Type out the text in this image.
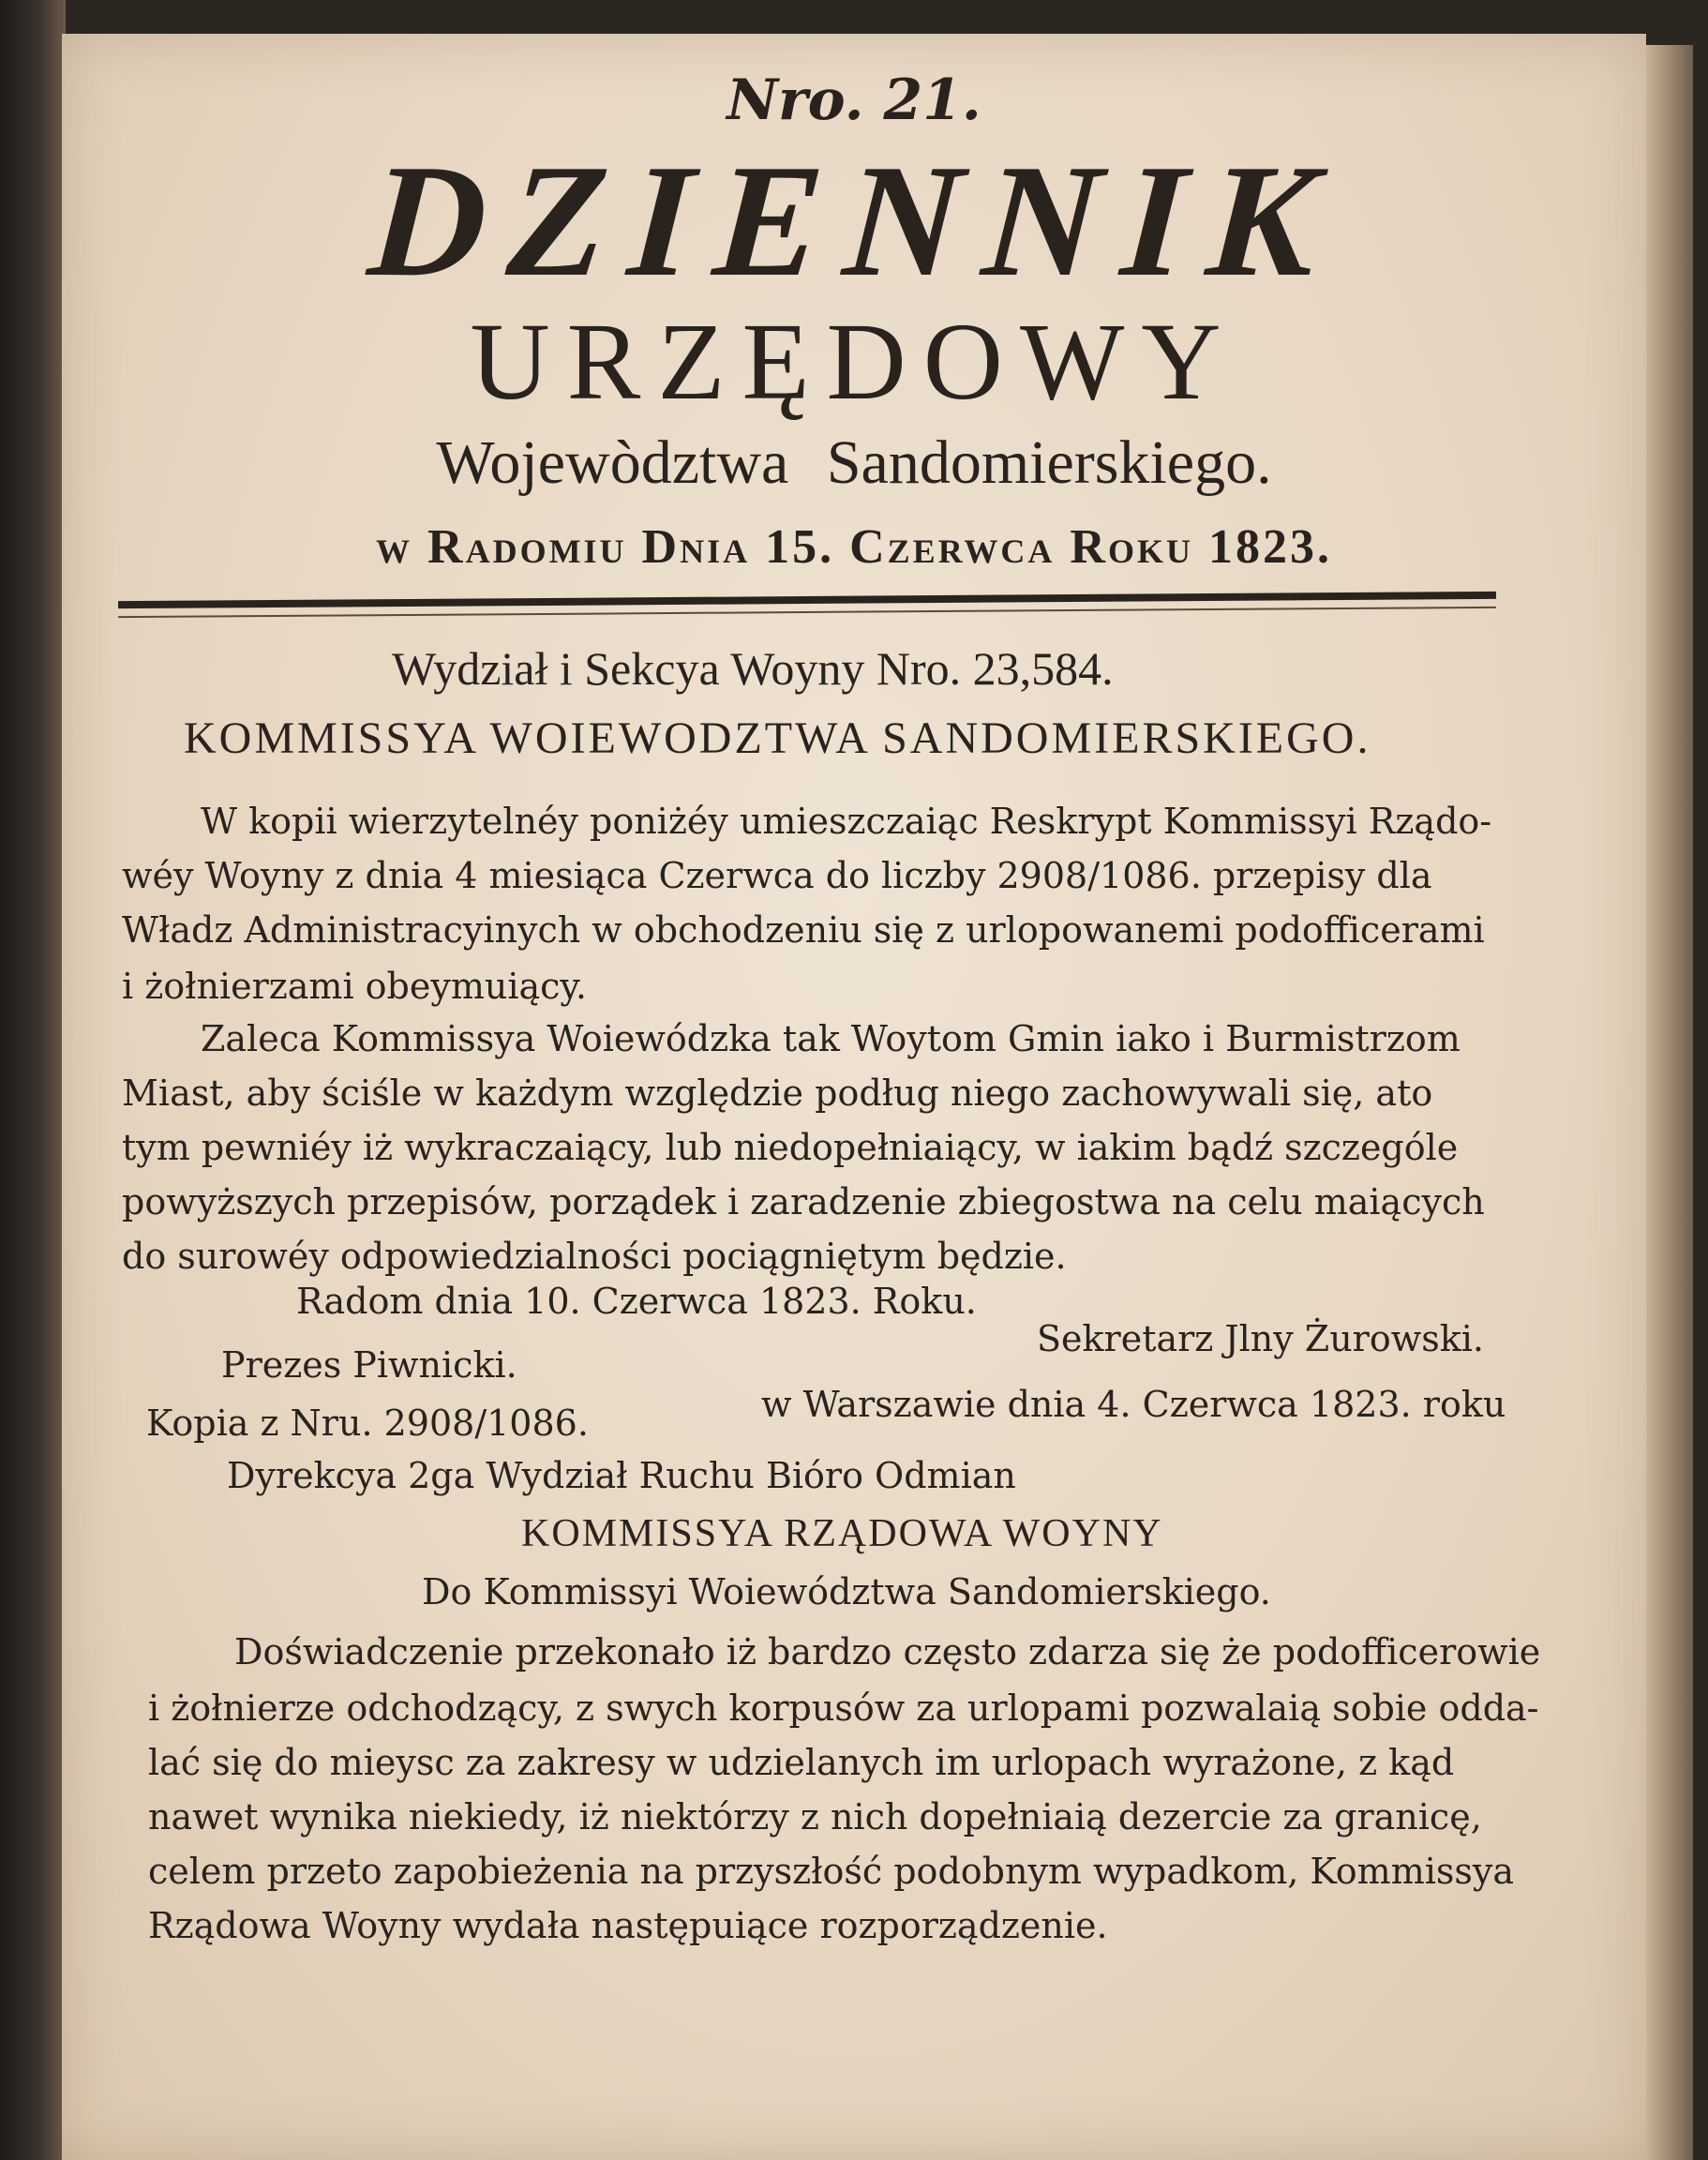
Nro. 21.
DZIENNIK
URZĘDOWY
Wojewòdztwa Sandomierskiego.
w Radomiu Dnia 15. Czerwca Roku 1823.
Wydział i Sekcya Woyny Nro. 23,584.
KOMMISSYA WOIEWODZTWA SANDOMIERSKIEGO.
W kopii wierzytelnéy poniżéy umieszczaiąc Reskrypt Kommissyi Rządo-
wéy Woyny z dnia 4 miesiąca Czerwca do liczby 2908/1086. przepisy dla
Władz Administracyinych w obchodzeniu się z urlopowanemi podofficerami
i żołnierzami obeymuiący.
Zaleca Kommissya Woiewódzka tak Woytom Gmin iako i Burmistrzom
Miast, aby ściśle w każdym względzie podług niego zachowywali się, ato
tym pewniéy iż wykraczaiący, lub niedopełniaiący, w iakim bądź szczególe
powyższych przepisów, porządek i zaradzenie zbiegostwa na celu maiących
do surowéy odpowiedzialności pociągniętym będzie.
Radom dnia 10. Czerwca 1823. Roku.
Prezes Piwnicki.
Sekretarz Jlny Żurowski.
Kopia z Nru. 2908/1086.	w Warszawie dnia 4. Czerwca 1823. roku
Dyrekcya 2ga Wydział Ruchu Bióro Odmian
KOMMISSYA RZĄDOWA WOYNY
Do Kommissyi Woiewództwa Sandomierskiego.
Doświadczenie przekonało iż bardzo często zdarza się że podofficerowie
i żołnierze odchodzący, z swych korpusów za urlopami pozwalaią sobie odda-
lać się do mieysc za zakresy w udzielanych im urlopach wyrażone, z kąd
nawet wynika niekiedy, iż niektórzy z nich dopełniaią dezercie za granicę,
celem przeto zapobieżenia na przyszłość podobnym wypadkom, Kommissya
Rządowa Woyny wydała następuiące rozporządzenie.
